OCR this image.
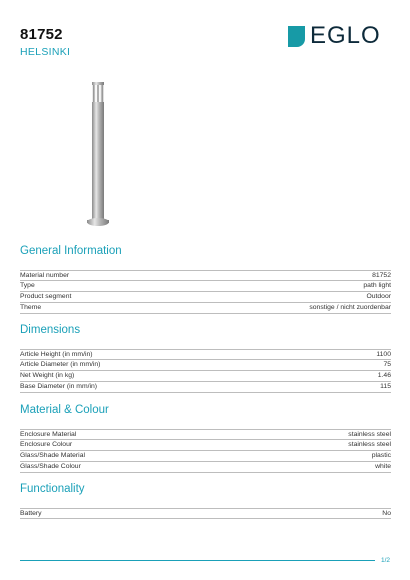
81752
HELSINKI
EGLO
General Information
Material number	81752
Type	path light
Product segment	Outdoor
Theme	sonstige / nicht zuordenbar
Dimensions
Article Height (in mm/in)	1100
Article Diameter (in mm/in)	75
Net Weight (in kg)	1.46
Base Diameter (in mm/in)	115
Material & Colour
Enclosure Material	stainless steel
Enclosure Colour	stainless steel
Glass/Shade Material	plastic
Glass/Shade Colour	white
Functionality
Battery	No
1/2
